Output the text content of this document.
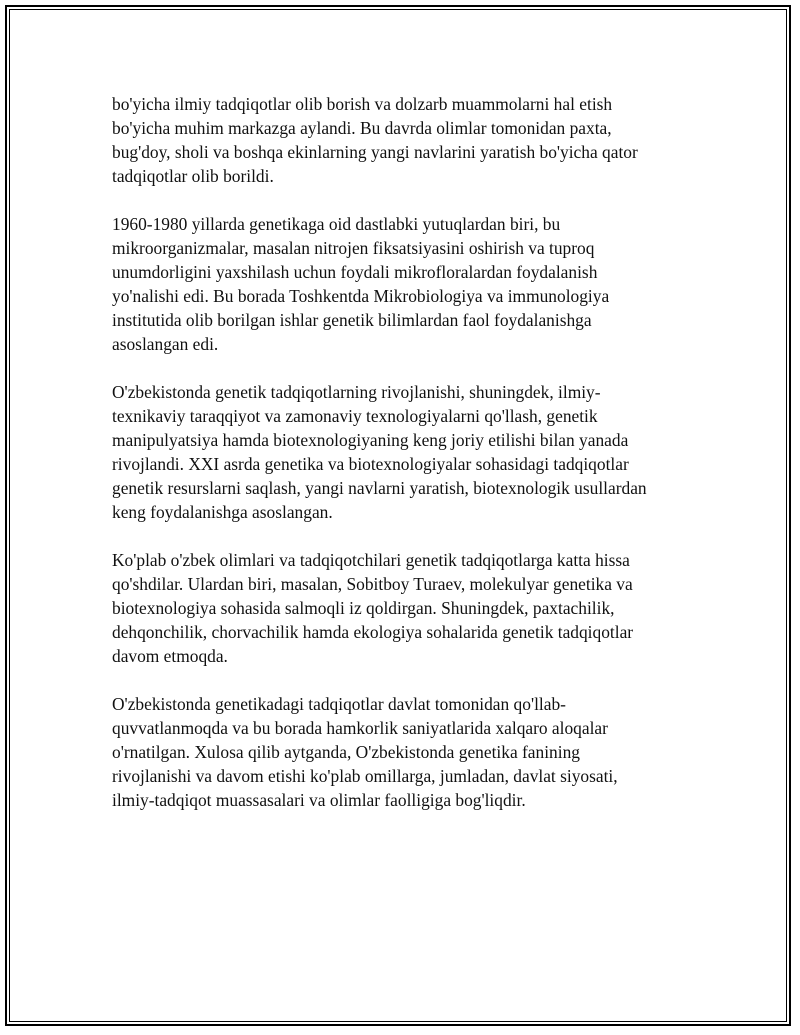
bo'yicha ilmiy tadqiqotlar olib borish va dolzarb muammolarni hal etish
bo'yicha muhim markazga aylandi. Bu davrda olimlar tomonidan paxta,
bug'doy, sholi va boshqa ekinlarning yangi navlarini yaratish bo'yicha qator
tadqiqotlar olib borildi.

1960-1980 yillarda genetikaga oid dastlabki yutuqlardan biri, bu
mikroorganizmalar, masalan nitrojen fiksatsiyasini oshirish va tuproq
unumdorligini yaxshilash uchun foydali mikrofloralardan foydalanish
yo'nalishi edi. Bu borada Toshkentda Mikrobiologiya va immunologiya
institutida olib borilgan ishlar genetik bilimlardan faol foydalanishga
asoslangan edi.

O'zbekistonda genetik tadqiqotlarning rivojlanishi, shuningdek, ilmiy-
texnikaviy taraqqiyot va zamonaviy texnologiyalarni qo'llash, genetik
manipulyatsiya hamda biotexnologiyaning keng joriy etilishi bilan yanada
rivojlandi. XXI asrda genetika va biotexnologiyalar sohasidagi tadqiqotlar
genetik resurslarni saqlash, yangi navlarni yaratish, biotexnologik usullardan
keng foydalanishga asoslangan.

Ko'plab o'zbek olimlari va tadqiqotchilari genetik tadqiqotlarga katta hissa
qo'shdilar. Ulardan biri, masalan, Sobitboy Turaev, molekulyar genetika va
biotexnologiya sohasida salmoqli iz qoldirgan. Shuningdek, paxtachilik,
dehqonchilik, chorvachilik hamda ekologiya sohalarida genetik tadqiqotlar
davom etmoqda.

O'zbekistonda genetikadagi tadqiqotlar davlat tomonidan qo'llab-
quvvatlanmoqda va bu borada hamkorlik saniyatlarida xalqaro aloqalar
o'rnatilgan. Xulosa qilib aytganda, O'zbekistonda genetika fanining
rivojlanishi va davom etishi ko'plab omillarga, jumladan, davlat siyosati,
ilmiy-tadqiqot muassasalari va olimlar faolligiga bog'liqdir.
